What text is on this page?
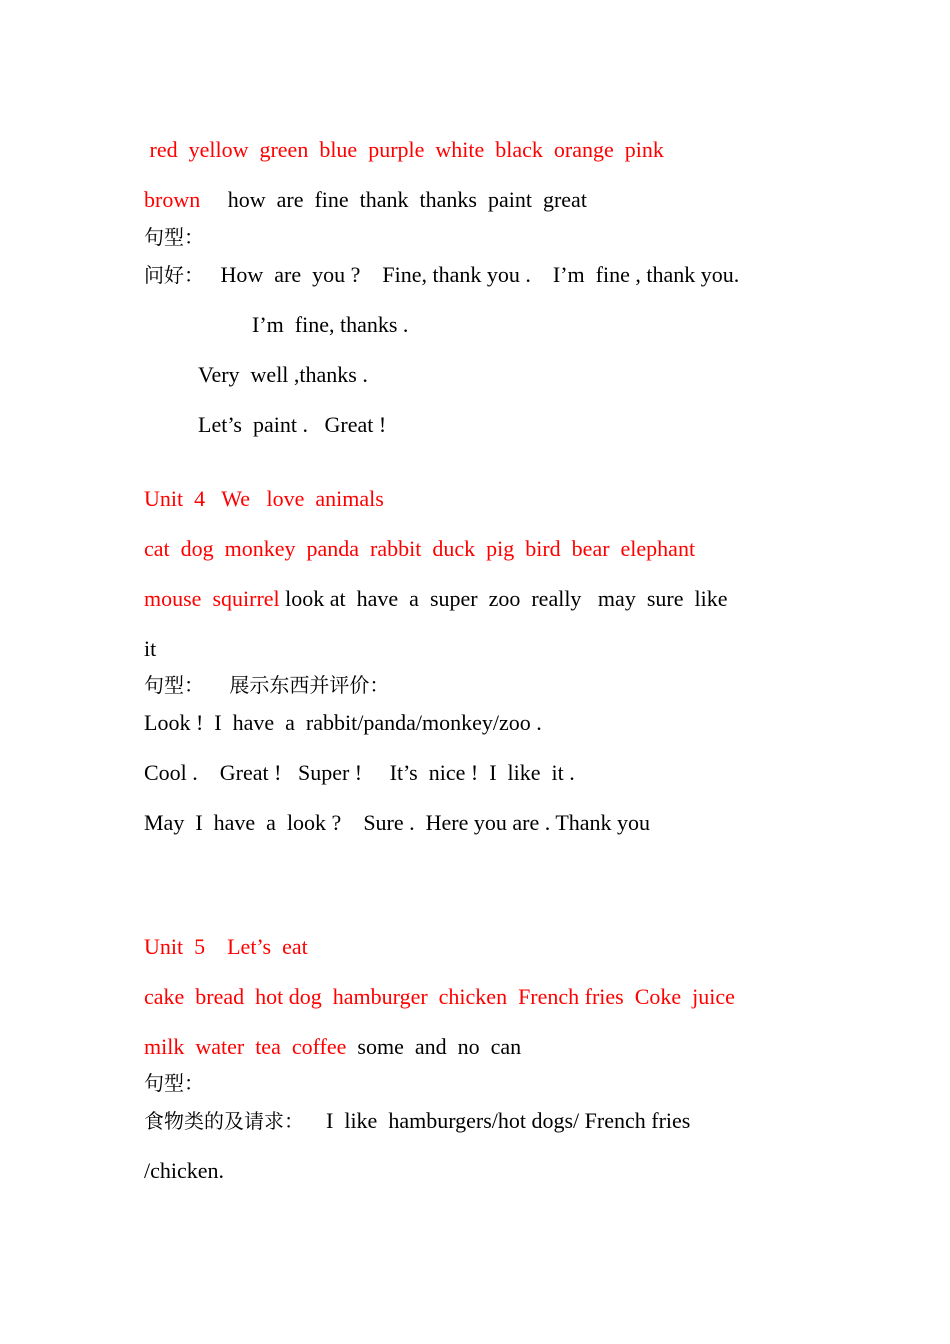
red  yellow  green  blue  purple  white  black  orange  pink
brown     how  are  fine  thank  thanks  paint  great
句型：
问好：   How  are  you ?    Fine, thank you .    I’m  fine , thank you.
I’m  fine, thanks .
Very  well ,thanks .
Let’s  paint .   Great !
Unit  4   We   love  animals
cat  dog  monkey  panda  rabbit  duck  pig  bird  bear  elephant
mouse  squirrel look at  have  a  super  zoo  really   may  sure  like
it
句型：    展示东西并评价：
Look !  I  have  a  rabbit/panda/monkey/zoo .
Cool .    Great !   Super !     It’s  nice !  I  like  it .
May  I  have  a  look ?    Sure .  Here you are . Thank you
Unit  5    Let’s  eat
cake  bread  hot dog  hamburger  chicken  French fries  Coke  juice
milk  water  tea  coffee  some  and  no  can
句型：
食物类的及请求：    I  like  hamburgers/hot dogs/ French fries
/chicken.
